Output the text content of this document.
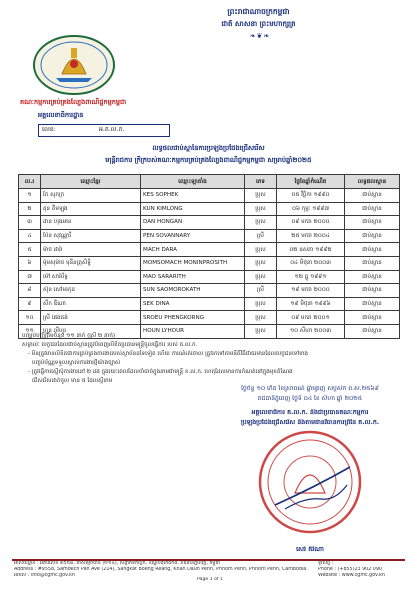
ព្រះរាជាណាចក្រកម្ពុជា
ជាតិ សាសនា ព្រះមហាក្សត្រ
❧❦❧
គណៈកម្មការគ្រប់គ្រងល្បែងពាណិជ្ជកម្មកម្ពុជា
អគ្គលេខាធិការដ្ឋាន
លេខ:	អ.គ.ល.ក.
លទ្ធផលជាប់ស្ពានៃការប្រឡងប្រជែងជ្រើសរើស
មន្ត្រីរាជការ ក្រីក្របស់គណៈកម្មការគ្រប់គ្រងល្បែងពាណិជ្ជកម្មកម្ពុជា សម្រាប់ឆ្នាំ២០២៥
ល.រ	ឈ្មោះខ្មែរ	ឈ្មោះឡាតាំង	ភេទ	ថ្ងៃខែឆ្នាំកំណើត	លទ្ធផលស្ពាន
១	កែ សុភក្រ	KES SOPHEK	ប្រុស	០៥ វិច្ឆិកា ១៩៩០	ជាប់ស្ពាន
២	គុន គីមឡុង	KUN KIMLONG	ប្រុស	០៦ កុម្ភៈ ១៩៩៧	ជាប់ស្ពាន
៣	ដាន ហុងអាន	DAN HONGAN	ប្រុស	០៩ មករា ២០០០	ជាប់ស្ពាន
៤	ប៉ែន សុវណ្ណារី	PEN SOVANNARY	ស្រី	២៥ មករា ២០០៤	ជាប់ស្ពាន
៥	ម៉ាច ដារ៉ា	MACH DARA	ប្រុស	០២ ឧសភា ១៩៩២	ជាប់ស្ពាន
៦	ម៉ុមសុម៉ាច មុនីនព្រុសិទ្ធិ	MOMSOMACH MONINPROSITH	ប្រុស	០៤ មិថុនា ២០០៣	ជាប់ស្ពាន
៧	ម៉ៅ សារ៉ារិទ្ធ	MAO SARARITH	ប្រុស	១២ ធ្នូ ១៩៩១	ជាប់ស្ពាន
៨	ស៊ុន សៅមរកុដ	SUN SAOMOROKATH	ស្រី	១៩ មករា ២០០០	ជាប់ស្ពាន
៩	សឹក ឌីណា	SEK DINA	ប្រុស	១៩ មិថុនា ១៩៩៦	ជាប់ស្ពាន
១០	ស្រី ផេងគង់	SROEU PHENGKORNG	ប្រុស	០៩ មករា ២០០១	ជាប់ស្ពាន
១១	ហួន លីហួរ	HOUN LYHOUR	ប្រុស	១០ សីហា ២០០៣	ជាប់ស្ពាន
បញ្ឈប់បញ្ជីត្រឹមចំនួន ១១ នាក់ (ស្រី ២ នាក់)
សម្គាល់ៈ បេក្ខជនដែលជាប់ស្ពានត្រូវបំពេញលិខិតប្រធានមន្ត្រីចូលធ្វើការ របស់ គ.ល.ក.
- មិនត្រូវមានលិខិតជាការគ្រប់គ្រងការងាររបស់ស្ថាប័នដទៃទៀត ហើយ ការណ៍រត់ចោល ត្រូវរកទៅតាមនីតិវិធីជាធរមានដែលបេក្ខជនទៅខាង
បញ្ចប់ប័ណ្ណទទួលស្គាល់ការងារថ្មីយ៉ាងច្បាស់
- ត្រូវធ្វើការស្នើសុំការងារនៅ ២ ដង ក្នុងរយៈពេលដែលចាំបាច់ក្នុងនាមជាមន្ត្រី ខ.ល.ក. ហេតុដែលមានការកំណត់នៅក្នុងមុខតំណែង
ជើសរើសដាក់ចូល មាន ៥ ដែលស្ដីនាម
ថ្ងៃច័ន្ទ ១០ កើត ខែស្រាពណ៍ ឆ្នាំម្សាញ់ សប្តស័ក ព.ស.២៥៦៩
រាជធានីភ្នំពេញ ថ្ងៃទី ០៤ ខែ សីហា ឆ្នាំ ២០២៥
អគ្គលេខាធិការ គ.ល.ក. និងជាប្រធានគណៈកម្មការ
ប្រឡងប្រជែងជ្រើសរើស និងតាមដានវិធានការព្រីនៃ គ.ល.ក.
សេរ៍ គីរីណា
អាសយដ្ឋាន : អគារលេខ ៩៥៥៨, វិថីសម្តេចប៉ាន (២១៤), សង្កាត់ទឹកល្អក់, ខណ្ឌបឹងកេងកង, រាជធានីភ្នំពេញ, កម្ពុជា	ទូរស័ព្ទ :
Address : #9558, Samdech Pan Ave (214), Sangkat Boeng Reang, Khan Daun Penh, Phnom Penh, Phnom Penh, Cambodia.	Phone : (+855)23 902 090
អ៊ីមែល : info@cgmc.gov.kh	Website : www.cgmc.gov.kh
Page 1 of 1
